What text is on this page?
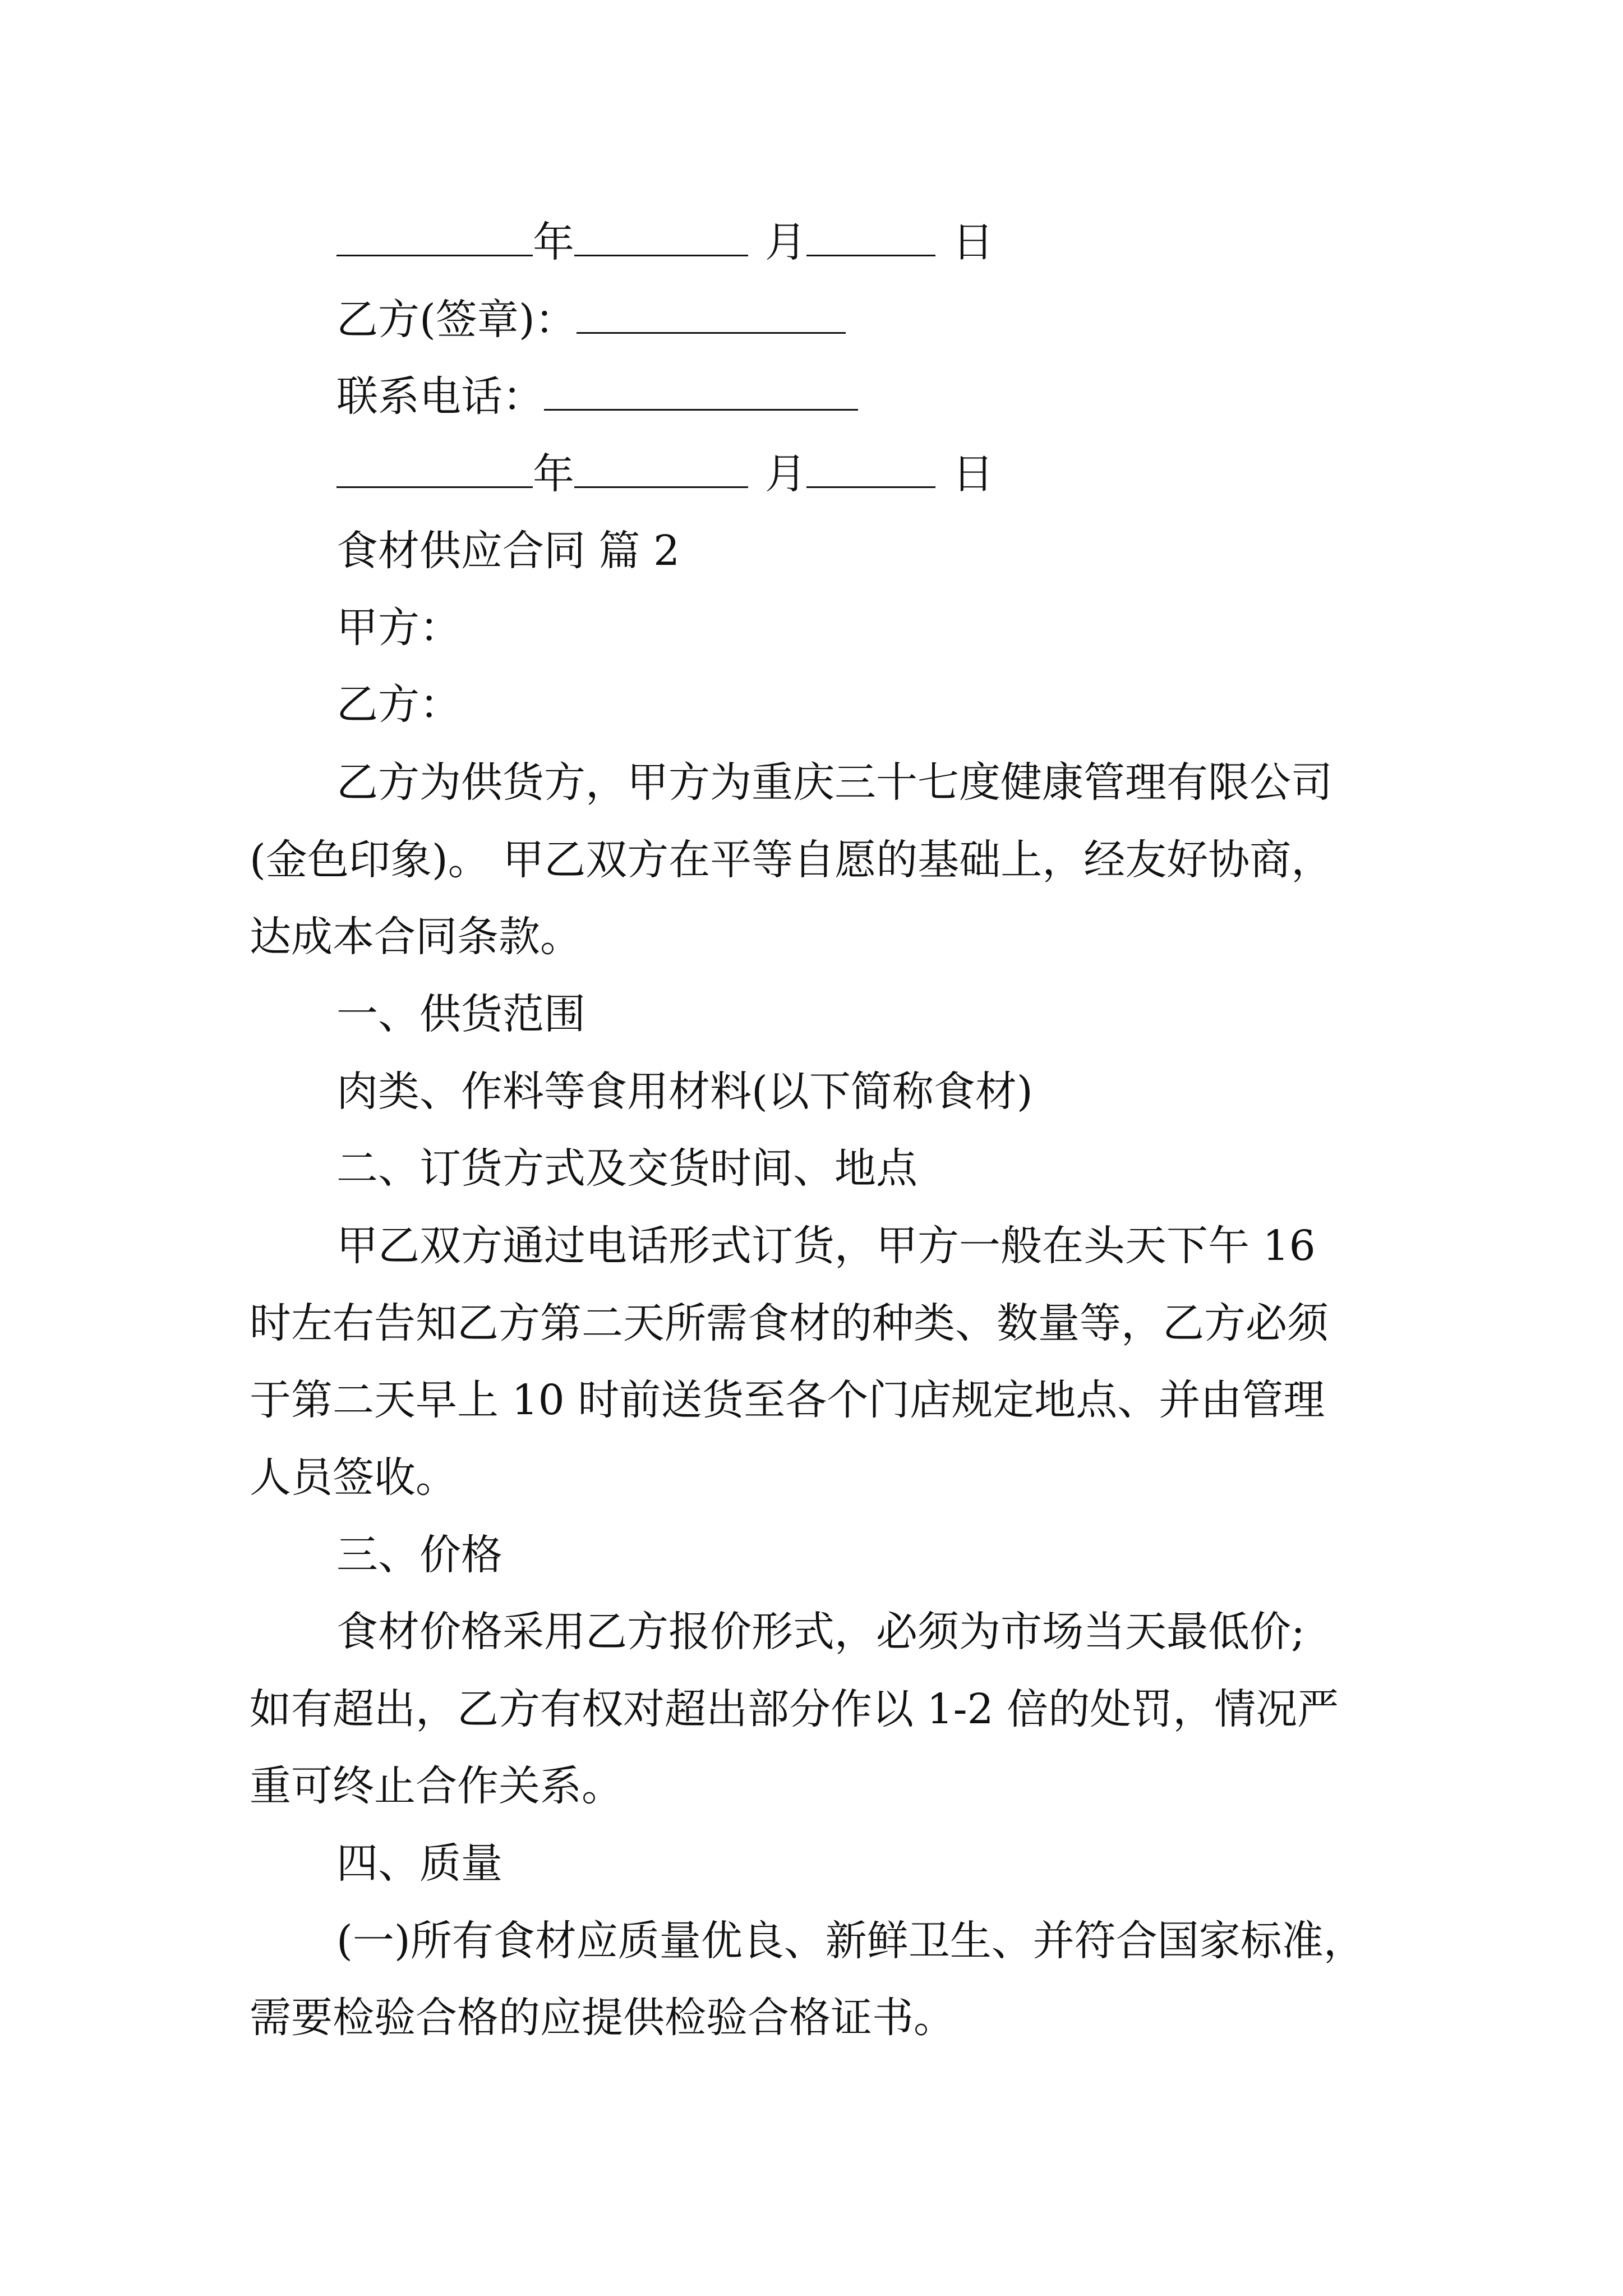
年	月	日
乙方(签章)：
联系电话：
年	月	日
食材供应合同 篇 2
甲方：
乙方：
乙方为供货方，甲方为重庆三十七度健康管理有限公司
(金色印象)。 甲乙双方在平等自愿的基础上，经友好协商，
达成本合同条款。
一、供货范围
肉类、作料等食用材料(以下简称食材)
二、订货方式及交货时间、地点
甲乙双方通过电话形式订货，甲方一般在头天下午 16
时左右告知乙方第二天所需食材的种类、数量等，乙方必须
于第二天早上 10 时前送货至各个门店规定地点、并由管理
人员签收。
三、价格
食材价格采用乙方报价形式，必须为市场当天最低价;
如有超出，乙方有权对超出部分作以 1-2 倍的处罚，情况严
重可终止合作关系。
四、质量
(一)所有食材应质量优良、新鲜卫生、并符合国家标准，
需要检验合格的应提供检验合格证书。
